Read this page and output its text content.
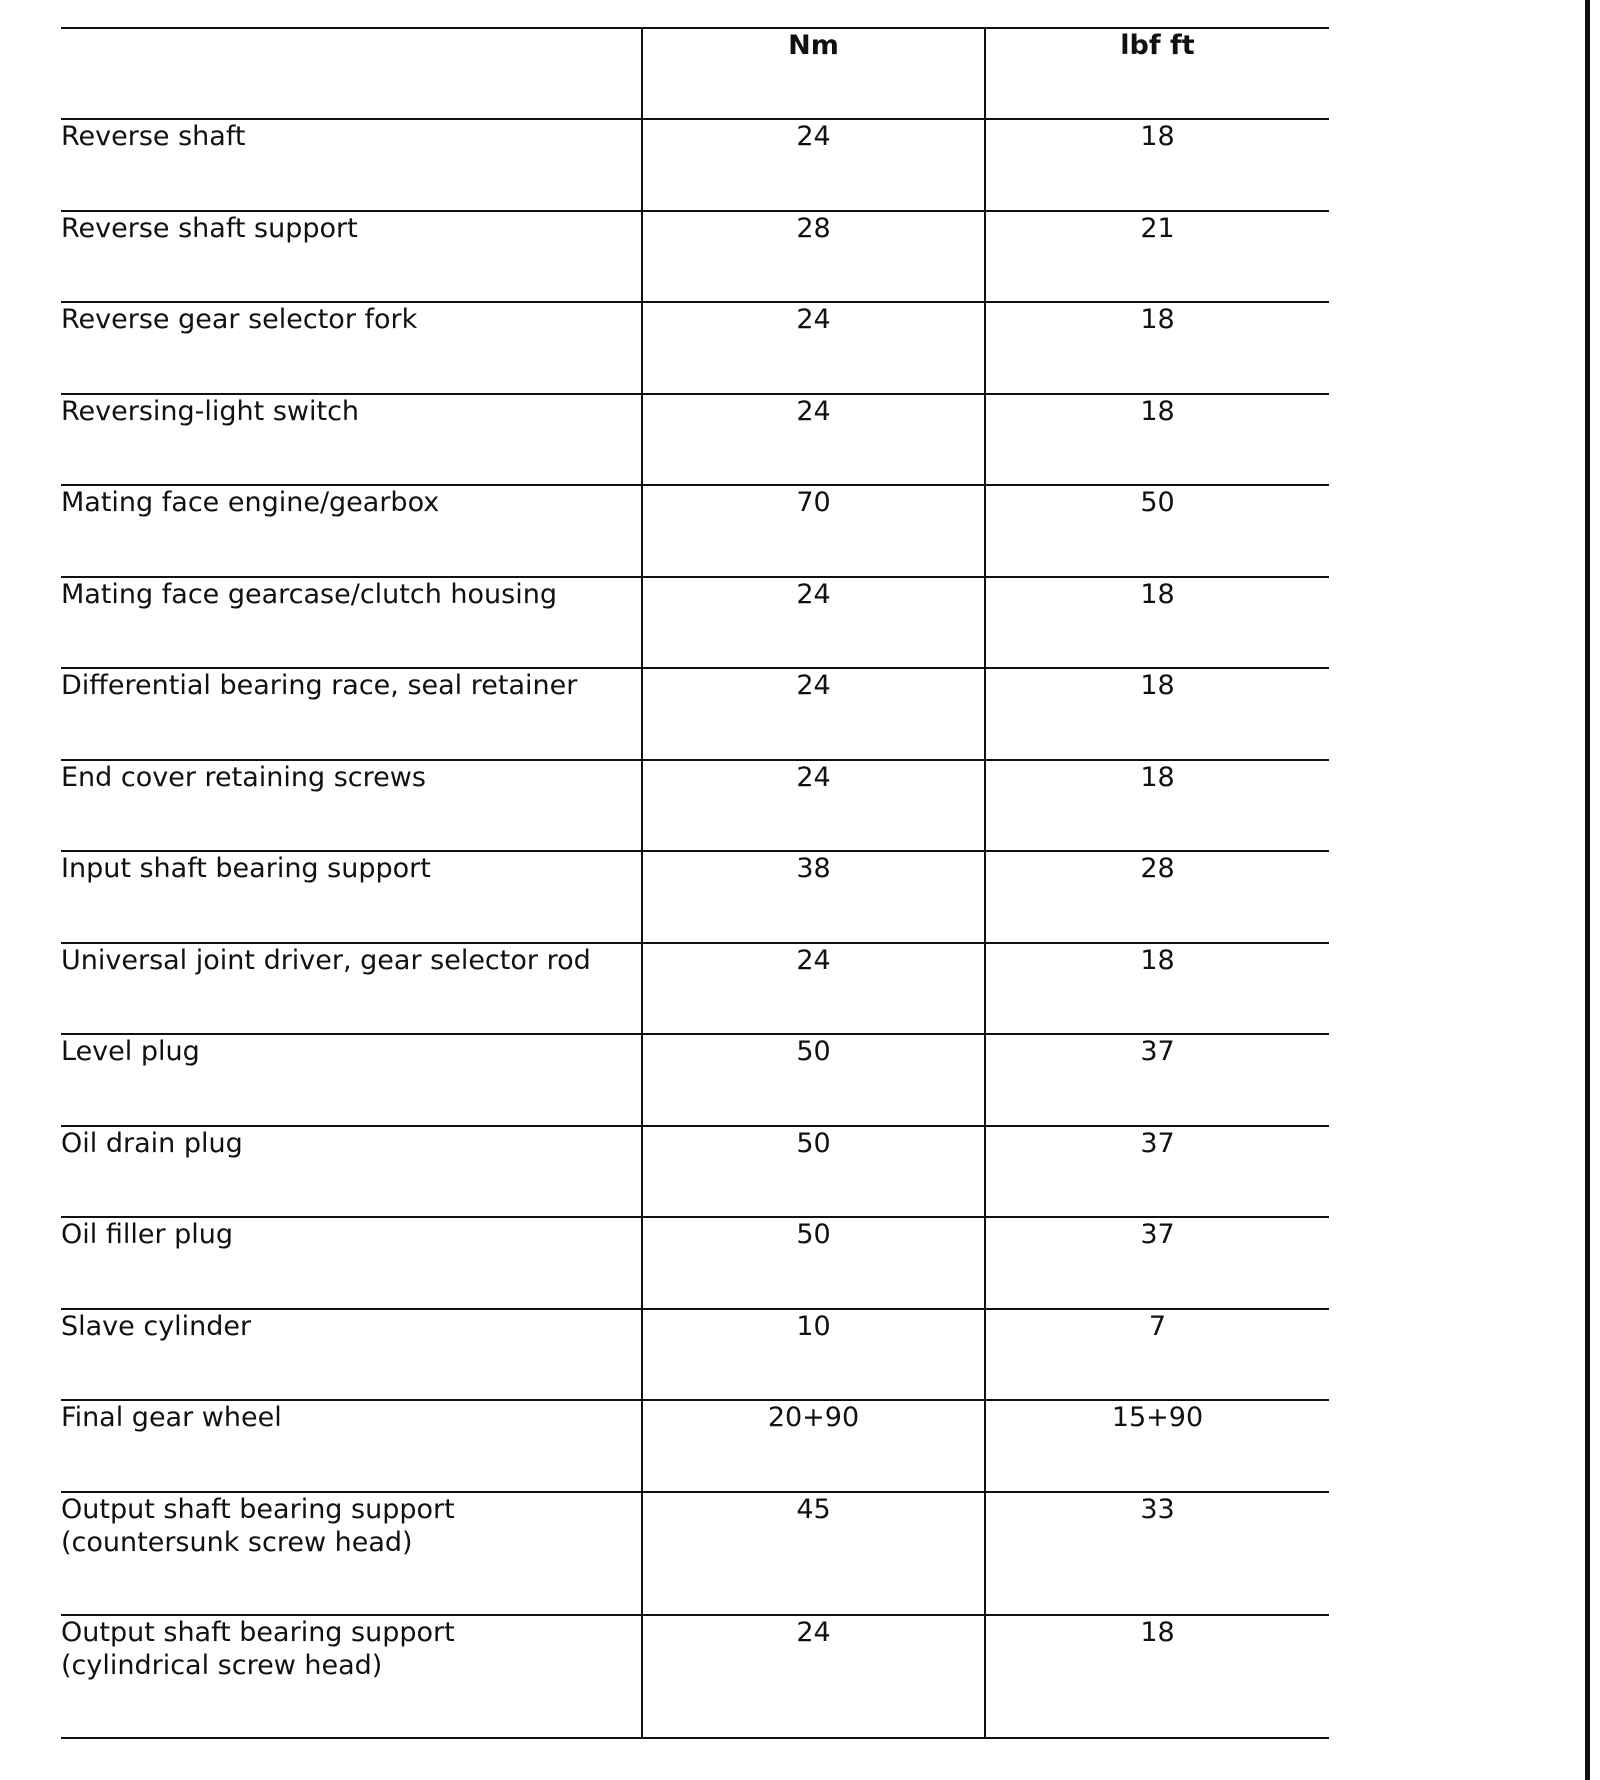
	Nm	lbf ft

Reverse shaft	24	18

Reverse shaft support	28	21

Reverse gear selector fork	24	18

Reversing-light switch	24	18

Mating face engine/gearbox	70	50

Mating face gearcase/clutch housing	24	18

Differential bearing race, seal retainer	24	18

End cover retaining screws	24	18

Input shaft bearing support	38	28

Universal joint driver, gear selector rod	24	18

Level plug	50	37

Oil drain plug	50	37

Oil filler plug	50	37

Slave cylinder	10	7

Final gear wheel	20+90	15+90

Output shaft bearing support
(countersunk screw head)	45	33

Output shaft bearing support
(cylindrical screw head)	24	18
